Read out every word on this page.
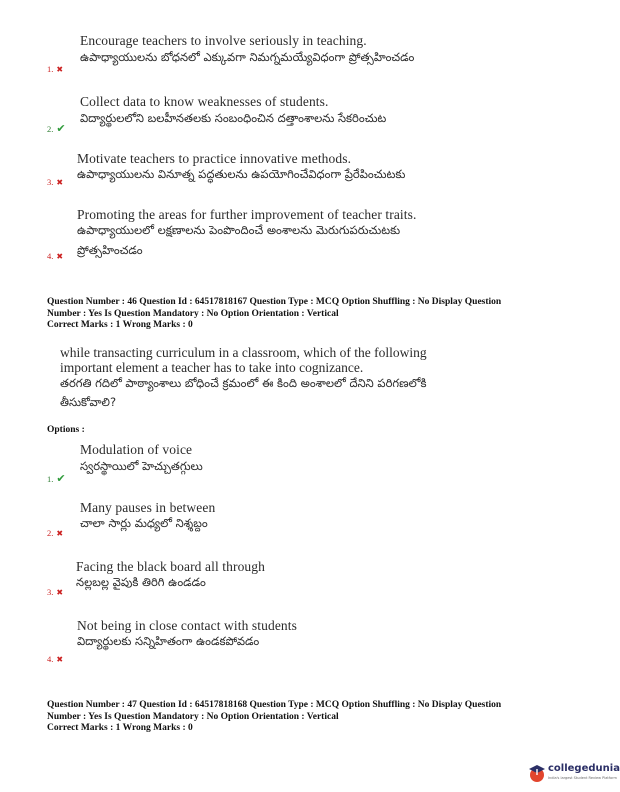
Encourage teachers to involve seriously in teaching.
ఉపాధ్యాయులను బోధనలో ఎక్కువగా నిమగ్నమయ్యేవిధంగా ప్రోత్సహించడం
1. ✖
Collect data to know weaknesses of students.
విద్యార్థులలోని బలహీనతలకు సంబంధించిన దత్తాంశాలను సేకరించుట
2. ✔
Motivate teachers to practice innovative methods.
ఉపాధ్యాయులను వినూత్న పద్ధతులను ఉపయోగించేవిధంగా ప్రేరేపించుటకు
3. ✖
Promoting the areas for further improvement of teacher traits.
ఉపాధ్యాయులలో లక్షణాలను పెంపొందించే అంశాలను మెరుగుపరుచుటకు
ప్రోత్సహించడం
4. ✖
Question Number : 46 Question Id : 64517818167 Question Type : MCQ Option Shuffling : No Display Question
Number : Yes Is Question Mandatory : No Option Orientation : Vertical
Correct Marks : 1 Wrong Marks : 0
while transacting curriculum in a classroom, which of the following
important element a teacher has to take into cognizance.
తరగతి గదిలో పాఠ్యాంశాలు బోధించే క్రమంలో ఈ కింది అంశాలలో దేనిని పరిగణలోకి
తీసుకోవాలి?
Options :
Modulation of voice
స్వరస్థాయిలో హెచ్చుతగ్గులు
1. ✔
Many pauses in between
చాలా సార్లు మధ్యలో నిశ్శబ్దం
2. ✖
Facing the black board all through
నల్లబల్ల వైపుకి తిరిగి ఉండడం
3. ✖
Not being in close contact with students
విద్యార్థులకు సన్నిహితంగా ఉండకపోవడం
4. ✖
Question Number : 47 Question Id : 64517818168 Question Type : MCQ Option Shuffling : No Display Question
Number : Yes Is Question Mandatory : No Option Orientation : Vertical
Correct Marks : 1 Wrong Marks : 0
collegedunia
India's largest Student Review Platform
